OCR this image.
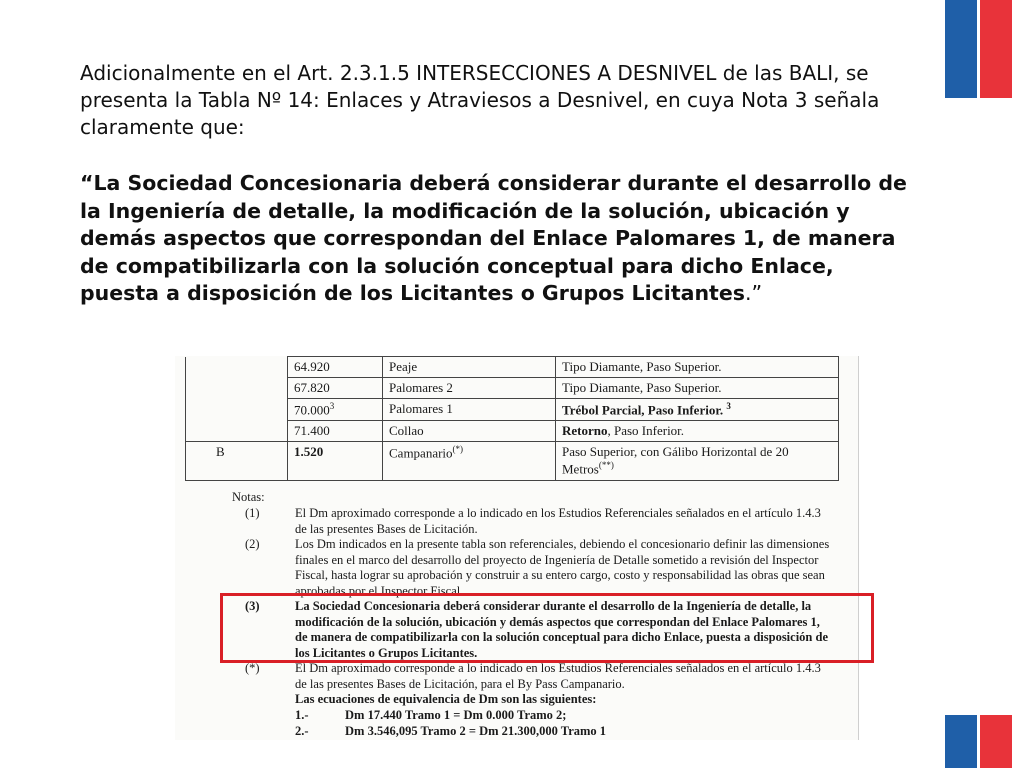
Adicionalmente en el Art. 2.3.1.5 INTERSECCIONES A DESNIVEL de las BALI, se presenta la Tabla Nº 14: Enlaces y Atraviesos a Desnivel, en cuya Nota 3 señala claramente que:

“La Sociedad Concesionaria deberá considerar durante el desarrollo de la Ingeniería de detalle, la modificación de la solución, ubicación y demás aspectos que correspondan del Enlace Palomares 1, de manera de compatibilizarla con la solución conceptual para dicho Enlace, puesta a disposición de los Licitantes o Grupos Licitantes.”

	64.920	Peaje	Tipo Diamante, Paso Superior.
	67.820	Palomares 2	Tipo Diamante, Paso Superior.
	70.000$^3$	Palomares 1	Trébol Parcial, Paso Inferior. $^3$
	71.400	Collao	Retorno, Paso Inferior.
B	1.520	Campanario(*)	Paso Superior, con Gálibo Horizontal de 20 Metros(**)
Notas:
(1)	El Dm aproximado corresponde a lo indicado en los Estudios Referenciales señalados en el artículo 1.4.3 de las presentes Bases de Licitación.
(2)	Los Dm indicados en la presente tabla son referenciales, debiendo el concesionario definir las dimensiones finales en el marco del desarrollo del proyecto de Ingeniería de Detalle sometido a revisión del Inspector Fiscal, hasta lograr su aprobación y construir a su entero cargo, costo y responsabilidad las obras que sean aprobadas por el Inspector Fiscal.
(3)	La Sociedad Concesionaria deberá considerar durante el desarrollo de la Ingeniería de detalle, la modificación de la solución, ubicación y demás aspectos que correspondan del Enlace Palomares 1, de manera de compatibilizarla con la solución conceptual para dicho Enlace, puesta a disposición de los Licitantes o Grupos Licitantes.
(*)	El Dm aproximado corresponde a lo indicado en los Estudios Referenciales señalados en el artículo 1.4.3 de las presentes Bases de Licitación, para el By Pass Campanario.
Las ecuaciones de equivalencia de Dm son las siguientes:
1.-	Dm 17.440 Tramo 1 = Dm 0.000 Tramo 2;
2.-	Dm 3.546,095 Tramo 2 = Dm 21.300,000 Tramo 1
